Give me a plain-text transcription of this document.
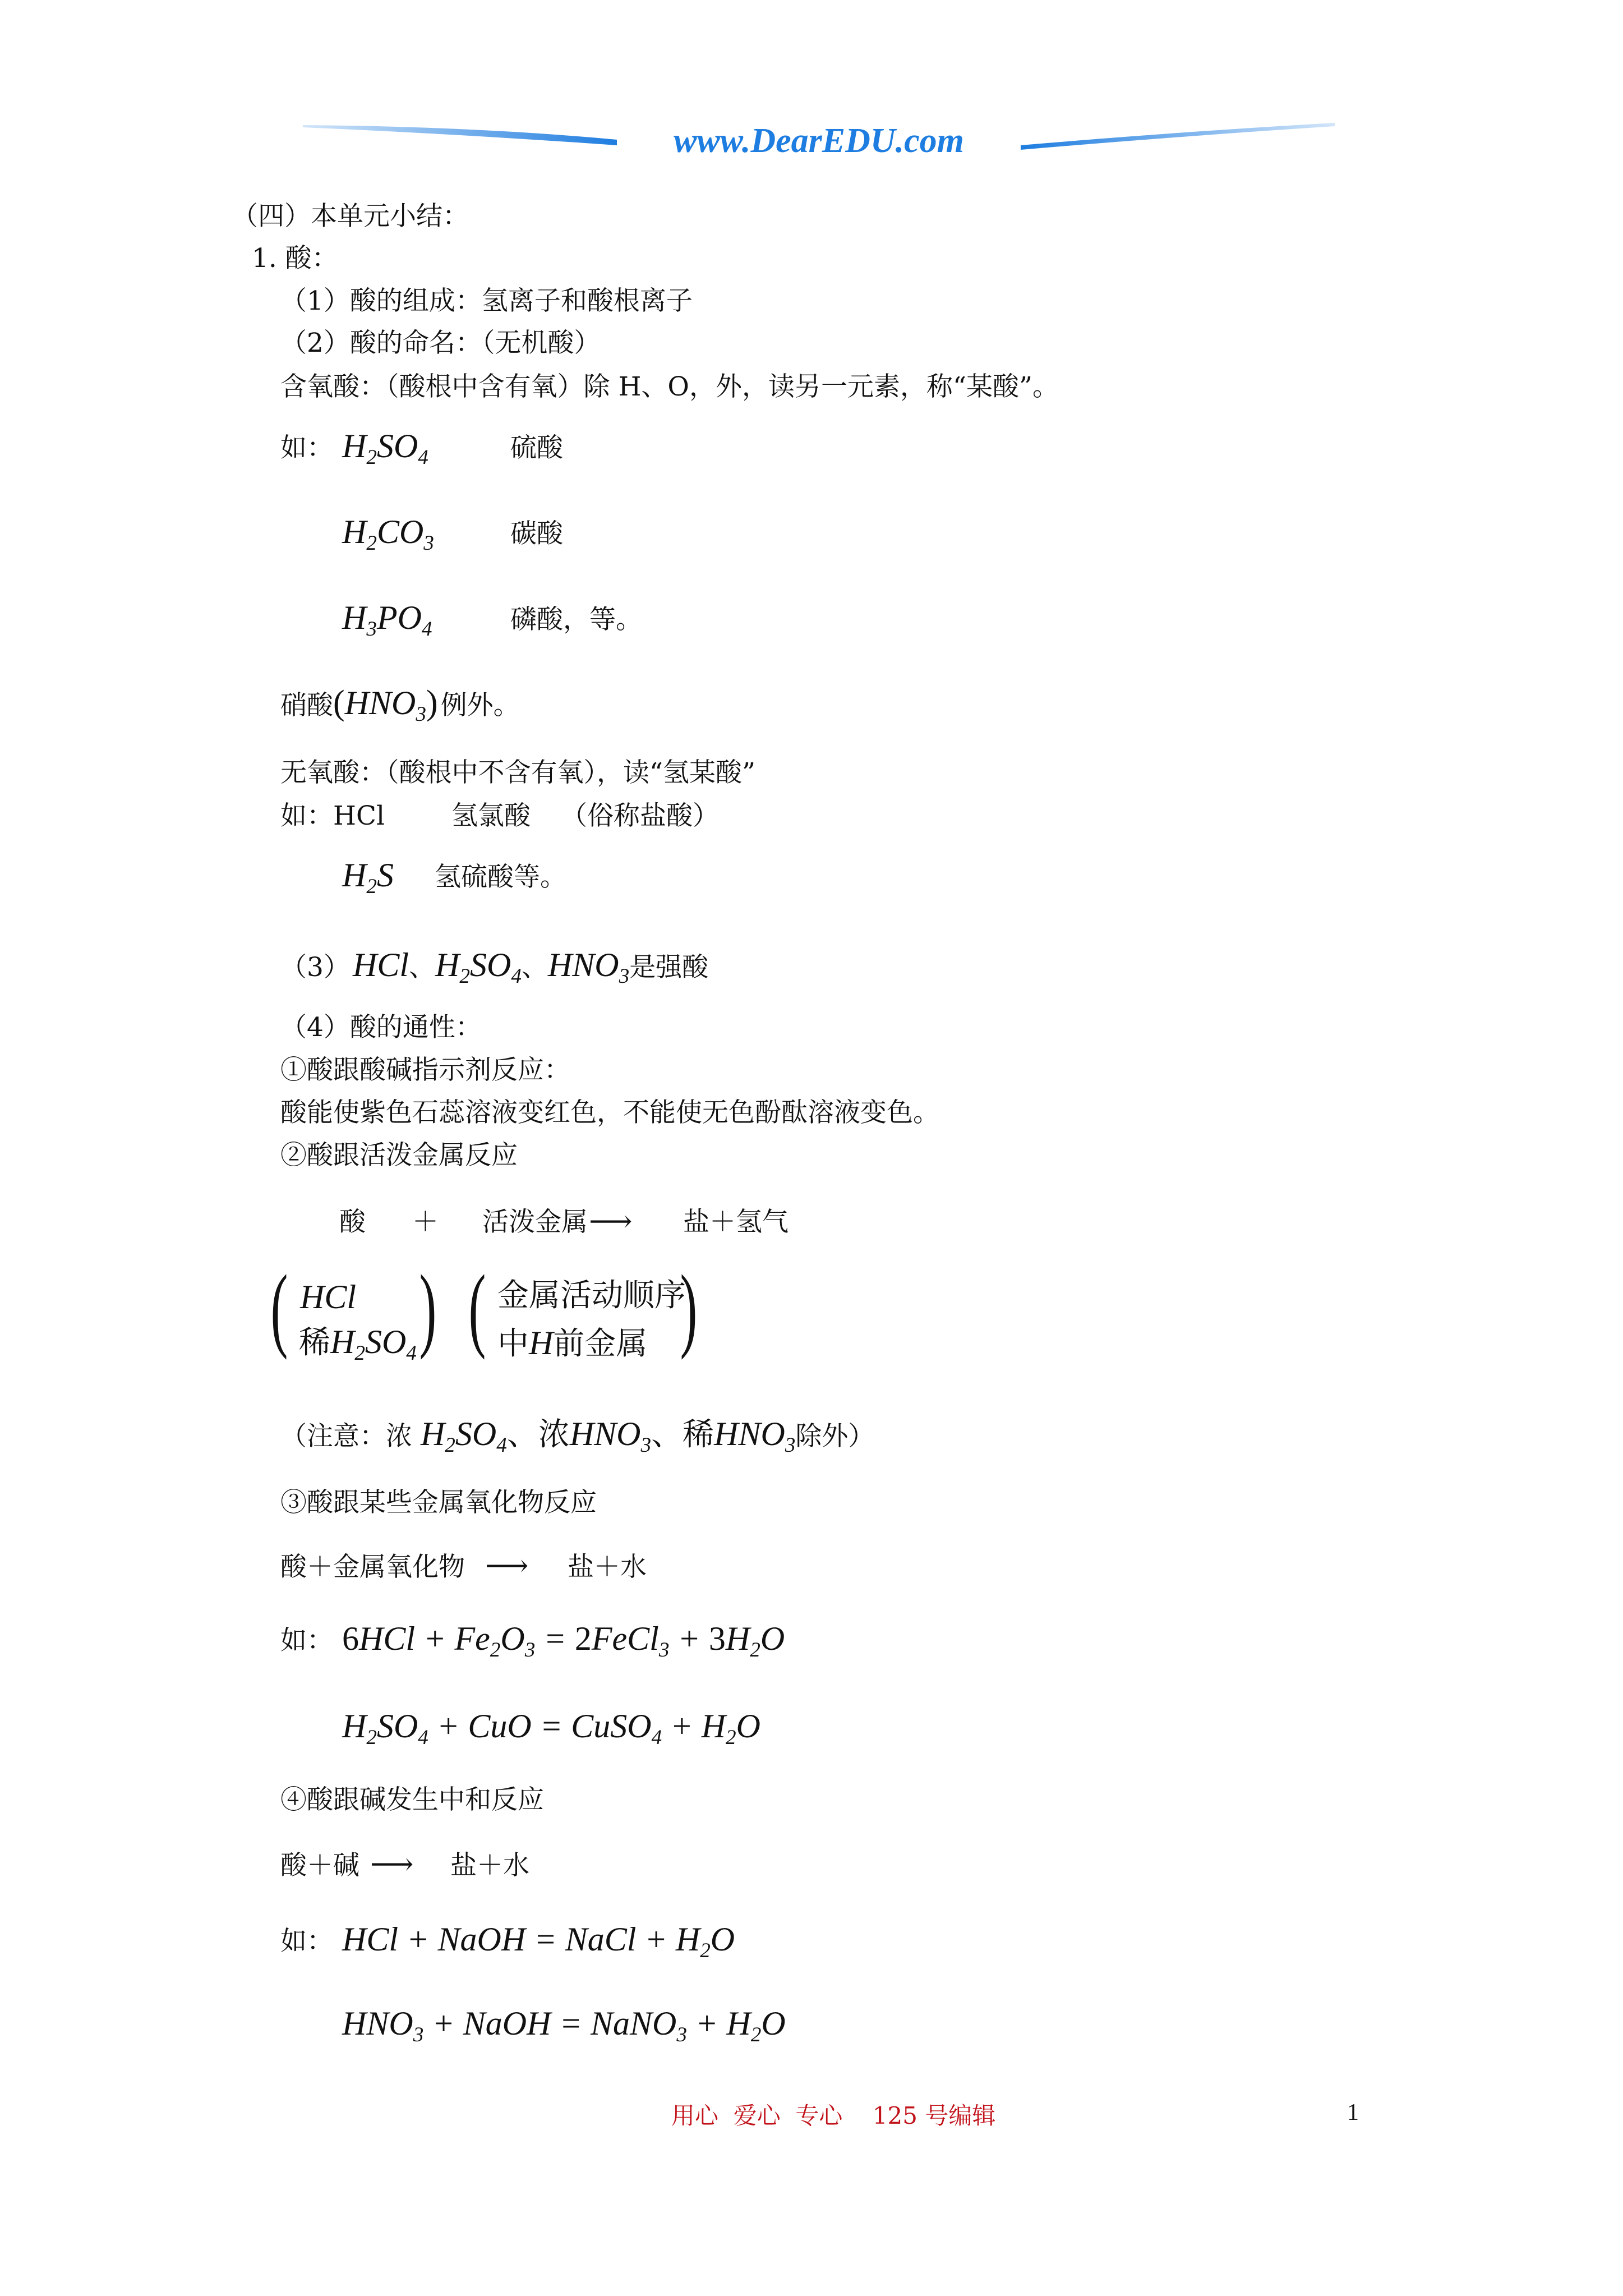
www.DearEDU.com
（四）本单元小结：
1. 酸：
（1）酸的组成：氢离子和酸根离子
（2）酸的命名：（无机酸）
含氧酸：（酸根中含有氧）除 H、O，外，读另一元素，称“某酸”。
如： $H_2SO_4$	硫酸
$H_2CO_3$	碳酸
$H_3PO_4$	磷酸，等。
硝酸$(HNO_3)$ 例外。
无氧酸：（酸根中不含有氧），读“氢某酸”
如：HCl	氢氯酸 （俗称盐酸）
$H_2S$ 氢硫酸等。
（3） HCl、$H_2SO_4$、$HNO_3$是强酸
（4）酸的通性：
①酸跟酸碱指示剂反应：
酸能使紫色石蕊溶液变红色，不能使无色酚酞溶液变色。
②酸跟活泼金属反应
酸 ＋ 活泼金属 ⟶ 盐＋氢气
( HCl
稀$H_2SO_4$ ) ( 金属活动顺序
中H前金属 )
（注意：浓 $H_2SO_4$、浓$HNO_3$、稀$HNO_3$除外）
③酸跟某些金属氧化物反应
酸＋金属氧化物 ⟶ 盐＋水
如： $6HCl + Fe_2O_3$ = 2FeCl$_3$ + $3H_2O$
$H_2SO_4$ + CuO = CuSO$_4$ + $H_2O$
④酸跟碱发生中和反应
酸＋碱 ⟶ 盐＋水
如： HCl + NaOH = NaCl + $H_2O$
$HNO_3$ + NaOH = NaNO$_3$ + $H_2O$
用心  爱心  专心    125 号编辑	1
